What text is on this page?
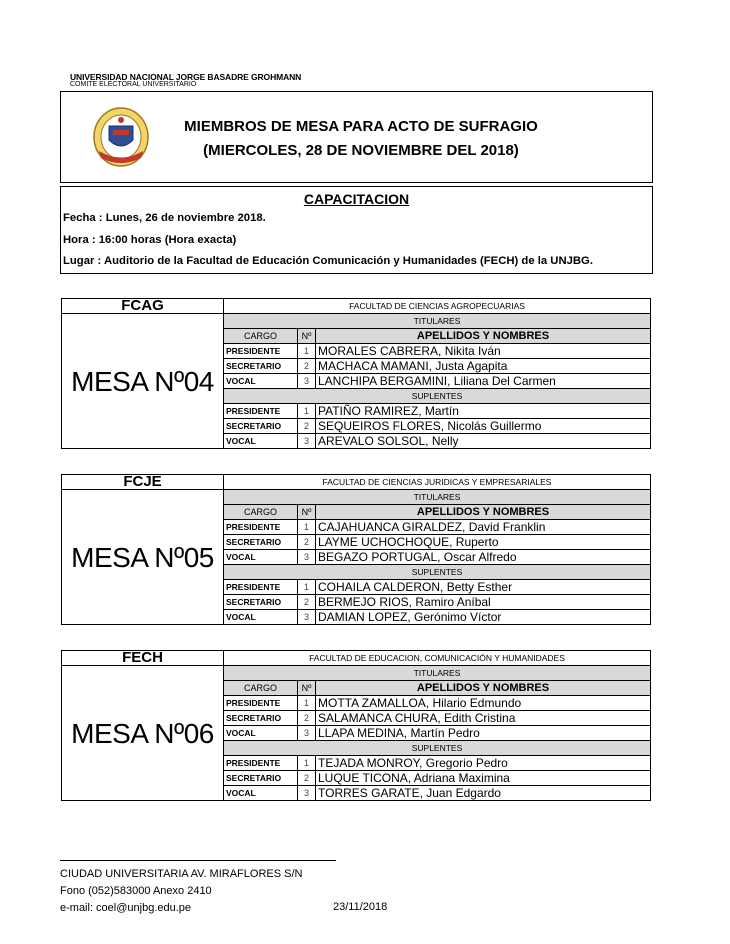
UNIVERSIDAD NACIONAL JORGE BASADRE GROHMANN
COMITE ELECTORAL UNIVERSITARIO
MIEMBROS DE MESA PARA ACTO DE SUFRAGIO
(MIERCOLES, 28 DE NOVIEMBRE DEL 2018)
CAPACITACION
Fecha : Lunes, 26 de noviembre 2018.
Hora : 16:00 horas (Hora exacta)
Lugar : Auditorio de la Facultad de Educación Comunicación y Humanidades (FECH) de la UNJBG.
FCAG	FACULTAD DE CIENCIAS AGROPECUARIAS		
MESA Nº04	TITULARES		
	CARGO	Nº	APELLIDOS Y NOMBRES
	PRESIDENTE	1	MORALES CABRERA, Nikita Iván
	SECRETARIO	2	MACHACA MAMANI, Justa Agapita
	VOCAL	3	LANCHIPA BERGAMINI, Liliana Del Carmen
	SUPLENTES		
	PRESIDENTE	1	PATIÑO RAMIREZ, Martín
	SECRETARIO	2	SEQUEIROS FLORES, Nicolás Guillermo
	VOCAL	3	AREVALO SOLSOL, Nelly
FCJE	FACULTAD DE CIENCIAS JURIDICAS Y EMPRESARIALES		
MESA Nº05	TITULARES		
	CARGO	Nº	APELLIDOS Y NOMBRES
	PRESIDENTE	1	CAJAHUANCA GIRALDEZ, David Franklin
	SECRETARIO	2	LAYME UCHOCHOQUE, Ruperto
	VOCAL	3	BEGAZO PORTUGAL, Oscar Alfredo
	SUPLENTES		
	PRESIDENTE	1	COHAILA CALDERON, Betty Esther
	SECRETARIO	2	BERMEJO RIOS, Ramiro Aníbal
	VOCAL	3	DAMIAN LOPEZ, Gerónimo Víctor
FECH	FACULTAD DE EDUCACION, COMUNICACIÓN Y HUMANIDADES		
MESA Nº06	TITULARES		
	CARGO	Nº	APELLIDOS Y NOMBRES
	PRESIDENTE	1	MOTTA ZAMALLOA, Hilario Edmundo
	SECRETARIO	2	SALAMANCA CHURA, Edith Cristina
	VOCAL	3	LLAPA MEDINA, Martín Pedro
	SUPLENTES		
	PRESIDENTE	1	TEJADA MONROY, Gregorio Pedro
	SECRETARIO	2	LUQUE TICONA, Adriana Maximina
	VOCAL	3	TORRES GARATE, Juan Edgardo
CIUDAD UNIVERSITARIA AV. MIRAFLORES S/N
Fono (052)583000 Anexo 2410
e-mail: coel@unjbg.edu.pe	23/11/2018
